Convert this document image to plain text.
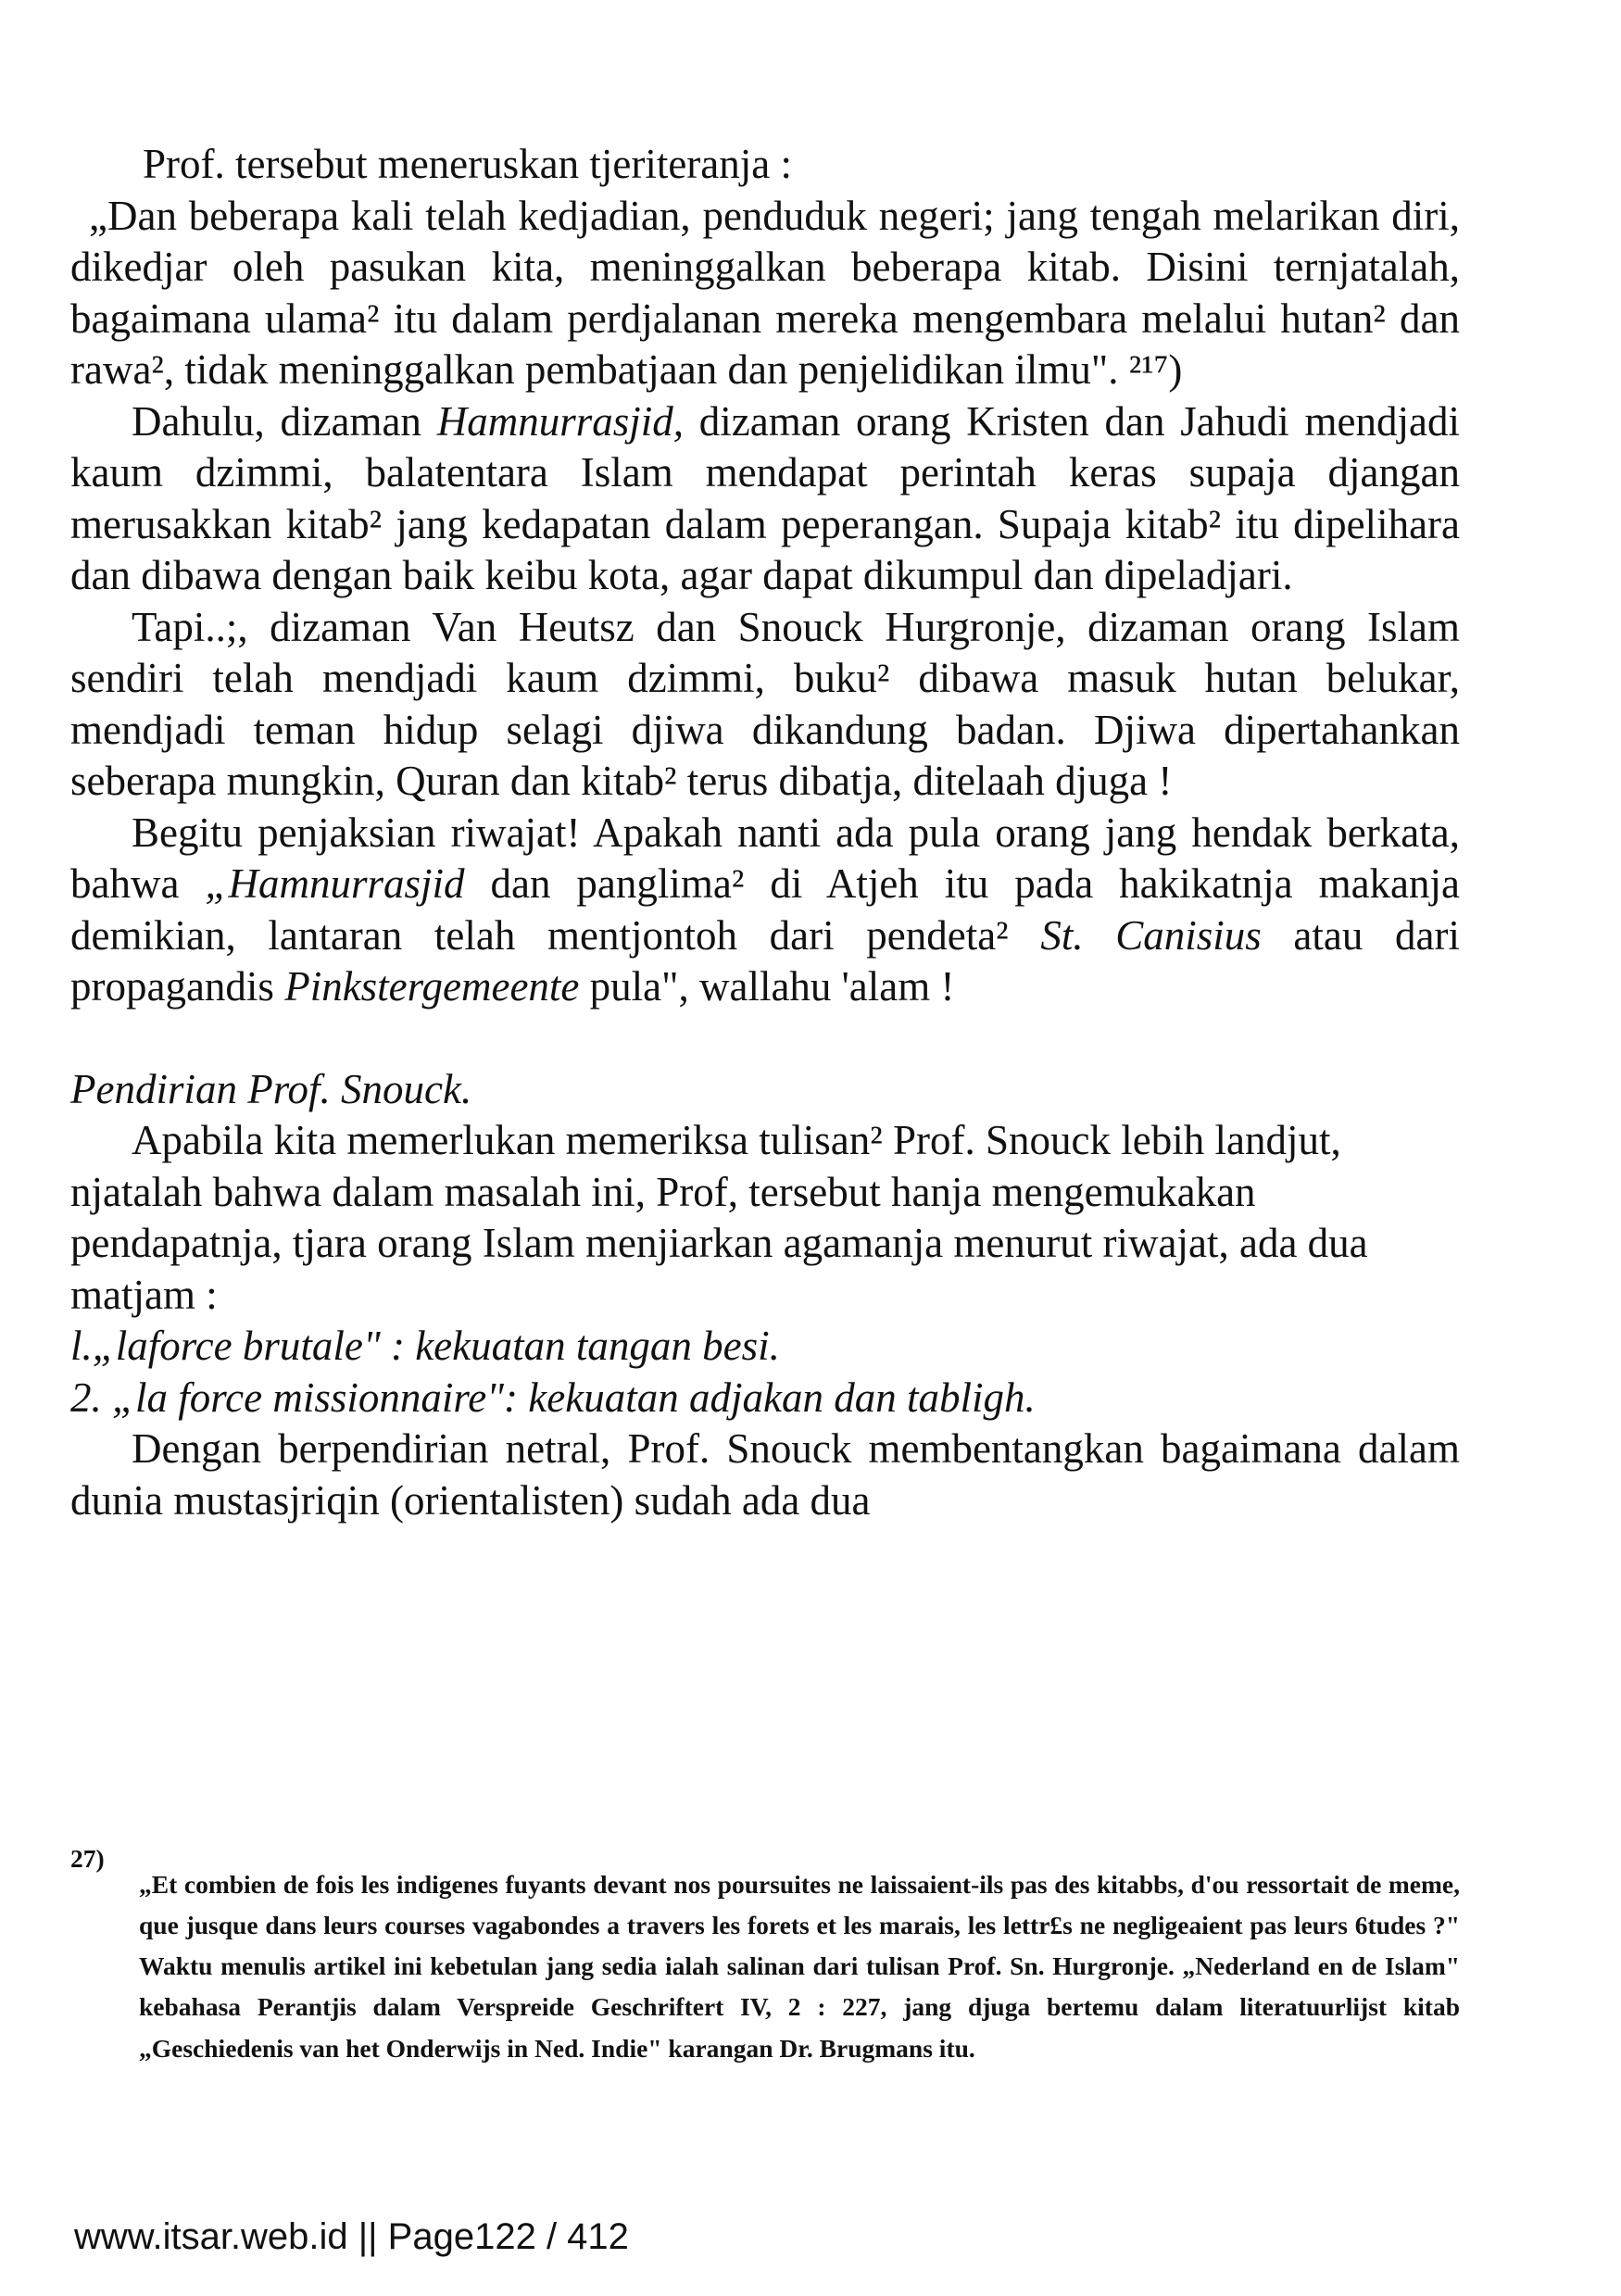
Prof. tersebut meneruskan tjeriteranja :

„Dan beberapa kali telah kedjadian, penduduk negeri; jang tengah melarikan diri, dikedjar oleh pasukan kita, meninggalkan beberapa kitab. Disini ternjatalah, bagaimana ulama² itu dalam perdjalanan mereka mengembara melalui hutan² dan rawa², tidak meninggalkan pembatjaan dan penjelidikan ilmu". ²¹⁷)

Dahulu, dizaman Hamnurrasjid, dizaman orang Kristen dan Jahudi mendjadi kaum dzimmi, balatentara Islam mendapat perintah keras supaja djangan merusakkan kitab² jang kedapatan dalam peperangan. Supaja kitab² itu dipelihara dan dibawa dengan baik keibu kota, agar dapat dikumpul dan dipeladjari.

Tapi..;, dizaman Van Heutsz dan Snouck Hurgronje, dizaman orang Islam sendiri telah mendjadi kaum dzimmi, buku² dibawa masuk hutan belukar, mendjadi teman hidup selagi djiwa dikandung badan. Djiwa dipertahankan seberapa mungkin, Quran dan kitab² terus dibatja, ditelaah djuga !

Begitu penjaksian riwajat! Apakah nanti ada pula orang jang hendak berkata, bahwa „Hamnurrasjid dan panglima² di Atjeh itu pada hakikatnja makanja demikian, lantaran telah mentjontoh dari pendeta² St. Canisius atau dari propagandis Pinkstergemeente pula", wallahu 'alam !

Pendirian Prof. Snouck.

Apabila kita memerlukan memeriksa tulisan² Prof. Snouck lebih landjut, njatalah bahwa dalam masalah ini, Prof, tersebut hanja mengemukakan pendapatnja, tjara orang Islam menjiarkan agamanja menurut riwajat, ada dua matjam :

l.„laforce brutale" : kekuatan tangan besi.

2. „la force missionnaire": kekuatan adjakan dan tabligh.

Dengan berpendirian netral, Prof. Snouck membentangkan bagaimana dalam dunia mustasjriqin (orientalisten) sudah ada dua

27)

„Et combien de fois les indigenes fuyants devant nos poursuites ne laissaient-ils pas des kitabbs, d'ou ressortait de meme, que jusque dans leurs courses vagabondes a travers les forets et les marais, les lettr£s ne negligeaient pas leurs 6tudes ?" Waktu menulis artikel ini kebetulan jang sedia ialah salinan dari tulisan Prof. Sn. Hurgronje. „Nederland en de Islam" kebahasa Perantjis dalam Verspreide Geschriftert IV, 2 : 227, jang djuga bertemu dalam literatuurlijst kitab „Geschiedenis van het Onderwijs in Ned. Indie" karangan Dr. Brugmans itu.

www.itsar.web.id || Page122 / 412
